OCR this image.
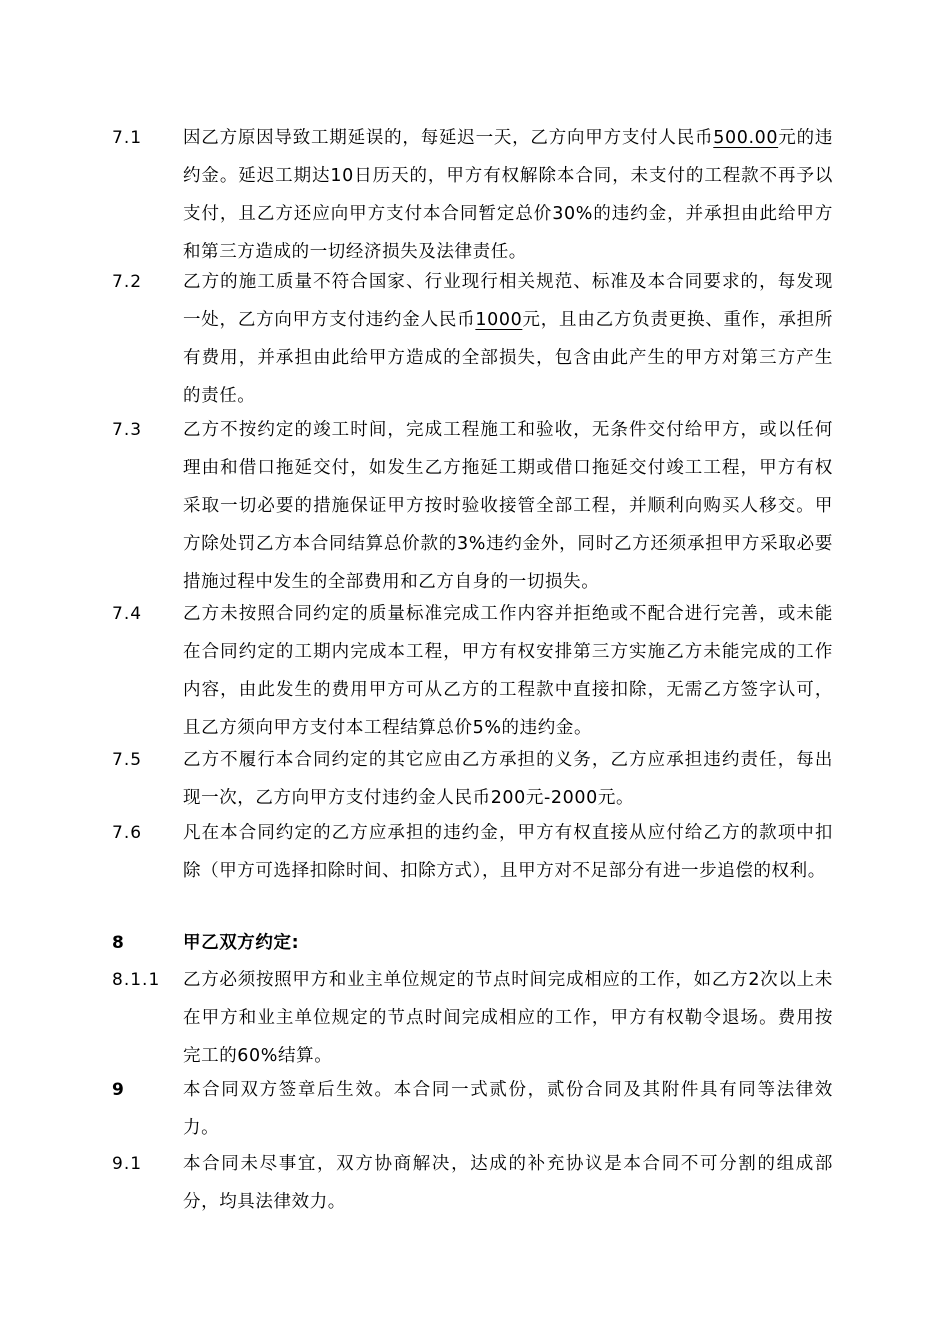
7.1 因乙方原因导致工期延误的，每延迟一天，乙方向甲方支付人民币500.00元的违约金。延迟工期达10日历天的，甲方有权解除本合同，未支付的工程款不再予以支付，且乙方还应向甲方支付本合同暂定总价30%的违约金，并承担由此给甲方和第三方造成的一切经济损失及法律责任。
7.2 乙方的施工质量不符合国家、行业现行相关规范、标准及本合同要求的，每发现一处，乙方向甲方支付违约金人民币1000元，且由乙方负责更换、重作，承担所有费用，并承担由此给甲方造成的全部损失，包含由此产生的甲方对第三方产生的责任。
7.3 乙方不按约定的竣工时间，完成工程施工和验收，无条件交付给甲方，或以任何理由和借口拖延交付，如发生乙方拖延工期或借口拖延交付竣工工程，甲方有权采取一切必要的措施保证甲方按时验收接管全部工程，并顺利向购买人移交。甲方除处罚乙方本合同结算总价款的3%违约金外，同时乙方还须承担甲方采取必要措施过程中发生的全部费用和乙方自身的一切损失。
7.4 乙方未按照合同约定的质量标准完成工作内容并拒绝或不配合进行完善，或未能在合同约定的工期内完成本工程，甲方有权安排第三方实施乙方未能完成的工作内容，由此发生的费用甲方可从乙方的工程款中直接扣除，无需乙方签字认可，且乙方须向甲方支付本工程结算总价5%的违约金。
7.5 乙方不履行本合同约定的其它应由乙方承担的义务，乙方应承担违约责任，每出现一次，乙方向甲方支付违约金人民币200元-2000元。
7.6 凡在本合同约定的乙方应承担的违约金，甲方有权直接从应付给乙方的款项中扣除（甲方可选择扣除时间、扣除方式），且甲方对不足部分有进一步追偿的权利。
8	甲乙双方约定:
8.1.1 乙方必须按照甲方和业主单位规定的节点时间完成相应的工作，如乙方2次以上未在甲方和业主单位规定的节点时间完成相应的工作，甲方有权勒令退场。费用按完工的60%结算。
9	本合同双方签章后生效。本合同一式贰份，贰份合同及其附件具有同等法律效力。
9.1 本合同未尽事宜，双方协商解决，达成的补充协议是本合同不可分割的组成部分，均具法律效力。
